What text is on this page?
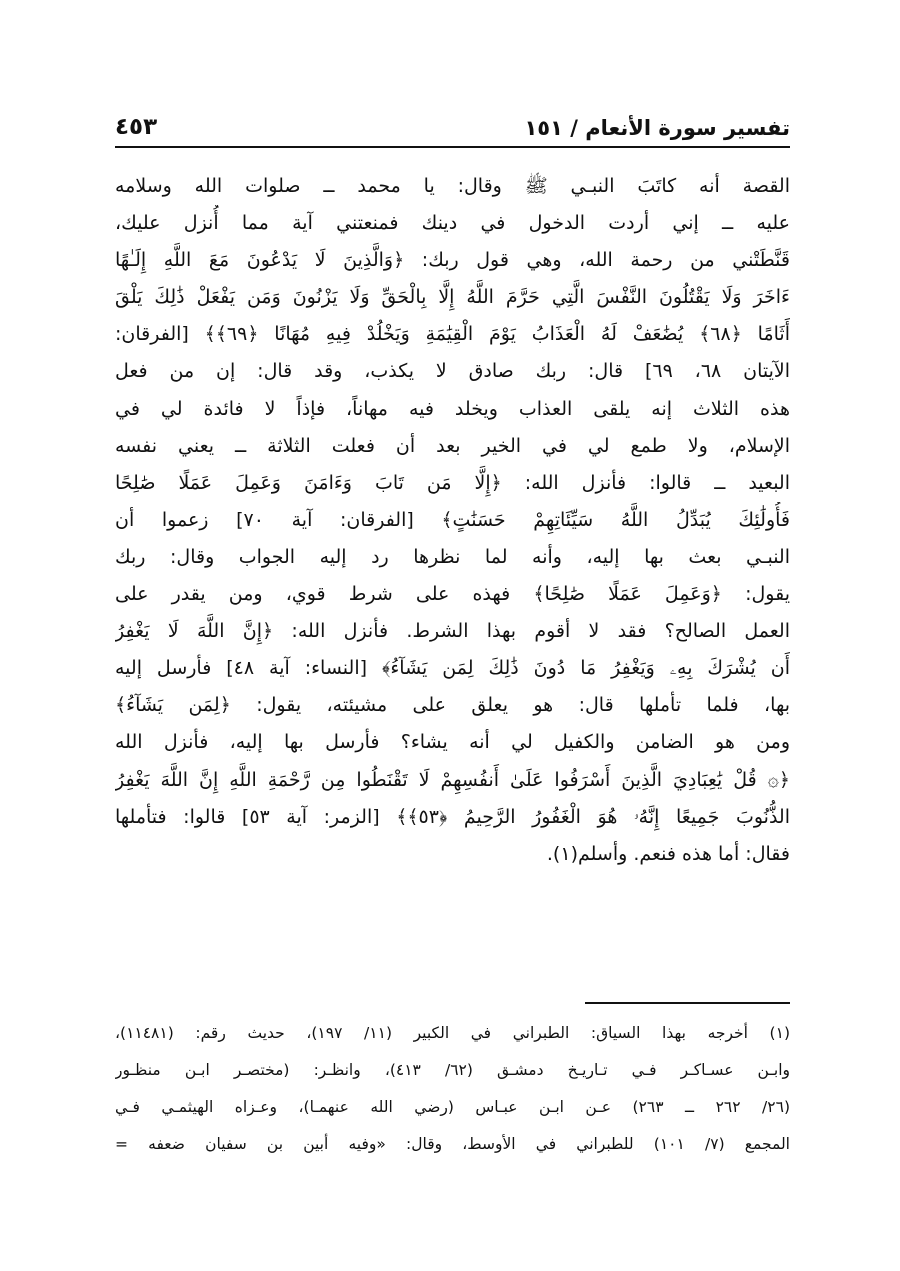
تفسير سورة الأنعام / ١٥١
٤٥٣
القصة أنه كاتَبَ النبـي ﷺ وقال: يا محمد ــ صلوات الله وسلامه
عليه ــ إني أردت الدخول في دينك فمنعتني آية مما أُنزل عليك،
قَنَّطَتْني من رحمة الله، وهي قول ربك: ﴿وَالَّذِينَ لَا يَدْعُونَ مَعَ اللَّهِ إِلَـٰهًا
ءَاخَرَ وَلَا يَقْتُلُونَ النَّفْسَ الَّتِي حَرَّمَ اللَّهُ إِلَّا بِالْحَقِّ وَلَا يَزْنُونَ وَمَن يَفْعَلْ ذَٰلِكَ يَلْقَ
أَثَامًا ﴿٦٨﴾ يُضَٰعَفْ لَهُ الْعَذَابُ يَوْمَ الْقِيَٰمَةِ وَيَخْلُدْ فِيهِ مُهَانًا ﴿٦٩﴾﴾ [الفرقان:
الآيتان ٦٨، ٦٩] قال: ربك صادق لا يكذب، وقد قال: إن من فعل
هذه الثلاث إنه يلقى العذاب ويخلد فيه مهاناً، فإذاً لا فائدة لي في
الإسلام، ولا طمع لي في الخير بعد أن فعلت الثلاثة ــ يعني نفسه
البعيد ــ قالوا: فأنزل الله: ﴿إِلَّا مَن تَابَ وَءَامَنَ وَعَمِلَ عَمَلًا صَٰلِحًا
فَأُولَٰئِكَ يُبَدِّلُ اللَّهُ سَيِّئَاتِهِمْ حَسَنَٰتٍ﴾ [الفرقان: آية ٧٠] زعموا أن
النبـي بعث بها إليه، وأنه لما نظرها رد إليه الجواب وقال: ربك
يقول: ﴿وَعَمِلَ عَمَلًا صَٰلِحًا﴾ فهذه على شرط قوي، ومن يقدر على
العمل الصالح؟ فقد لا أقوم بهذا الشرط. فأنزل الله: ﴿إِنَّ اللَّهَ لَا يَغْفِرُ
أَن يُشْرَكَ بِهِۦ وَيَغْفِرُ مَا دُونَ ذَٰلِكَ لِمَن يَشَآءُ﴾ [النساء: آية ٤٨] فأرسل إليه
بها، فلما تأملها قال: هو يعلق على مشيئته، يقول: ﴿لِمَن يَشَآءُ﴾
ومن هو الضامن والكفيل لي أنه يشاء؟ فأرسل بها إليه، فأنزل الله
﴿۞ قُلْ يَٰعِبَادِيَ الَّذِينَ أَسْرَفُوا عَلَىٰ أَنفُسِهِمْ لَا تَقْنَطُوا مِن رَّحْمَةِ اللَّهِ إِنَّ اللَّهَ يَغْفِرُ
الذُّنُوبَ جَمِيعًا إِنَّهُۥ هُوَ الْغَفُورُ الرَّحِيمُ ﴿٥٣﴾﴾ [الزمر: آية ٥٣] قالوا: فتأملها
فقال: أما هذه فنعم. وأسلم(١).
(١) أخرجه بهذا السياق: الطبراني في الكبير (١١/ ١٩٧)، حديث رقم: (١١٤٨١)،
وابـن عسـاكـر فـي تـاريـخ دمشـق (٦٢/ ٤١٣)، وانظـر: (مختصـر ابـن منظـور
(٢٦/ ٢٦٢ ــ ٢٦٣) عـن ابـن عبـاس (رضي الله عنهمـا)، وعـزاه الهيثمـي فـي
المجمع (٧/ ١٠١) للطبراني في الأوسط، وقال: «وفيه أبين بن سفيان ضعفه =
